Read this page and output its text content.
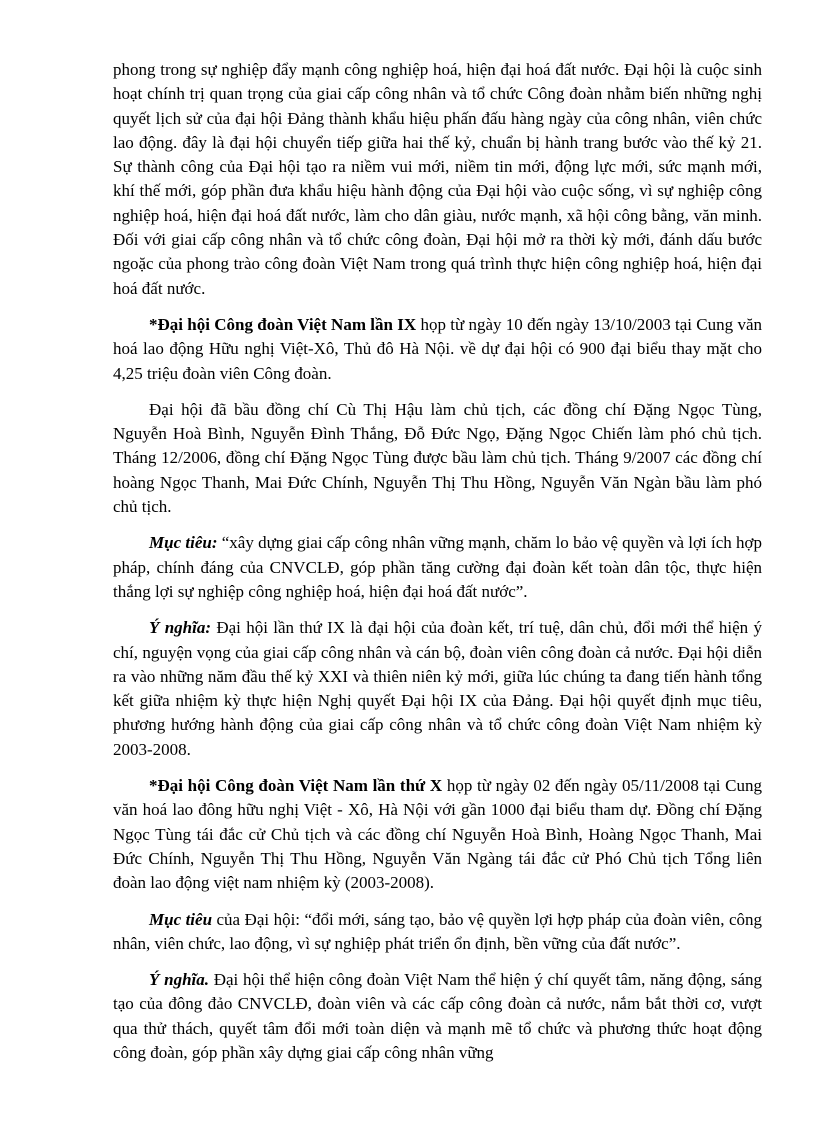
phong trong sự nghiệp đẩy mạnh công nghiệp hoá, hiện đại hoá đất nước. Đại hội là cuộc sinh hoạt chính trị quan trọng của giai cấp công nhân và tổ chức Công đoàn nhằm biến những nghị quyết lịch sử của đại hội Đảng thành khẩu hiệu phấn đấu hàng ngày của công nhân, viên chức lao động. đây là đại hội chuyển tiếp giữa hai thế kỷ, chuẩn bị hành trang bước vào thế kỷ 21. Sự thành công của Đại hội tạo ra niềm vui mới, niềm tin mới, động lực mới, sức mạnh mới, khí thế mới, góp phần đưa khẩu hiệu hành động của Đại hội vào cuộc sống, vì sự nghiệp công nghiệp hoá, hiện đại hoá đất nước, làm cho dân giàu, nước mạnh, xã hội công bằng, văn minh. Đối với giai cấp công nhân và tổ chức công đoàn, Đại hội mở ra thời kỳ mới, đánh dấu bước ngoặc của phong trào công đoàn Việt Nam trong quá trình thực hiện công nghiệp hoá, hiện đại hoá đất nước.

*Đại hội Công đoàn Việt Nam lần IX họp từ ngày 10 đến ngày 13/10/2003 tại Cung văn hoá lao động Hữu nghị Việt-Xô, Thủ đô Hà Nội. về dự đại hội có 900 đại biểu thay mặt cho 4,25 triệu đoàn viên Công đoàn.

Đại hội đã bầu đồng chí Cù Thị Hậu làm chủ tịch, các đồng chí Đặng Ngọc Tùng, Nguyễn Hoà Bình, Nguyễn Đình Thắng, Đỗ Đức Ngọ, Đặng Ngọc Chiến làm phó chủ tịch. Tháng 12/2006, đồng chí Đặng Ngọc Tùng được bầu làm chủ tịch. Tháng 9/2007 các đồng chí hoàng Ngọc Thanh, Mai Đức Chính, Nguyễn Thị Thu Hồng, Nguyễn Văn Ngàn bầu làm phó chủ tịch.

Mục tiêu: “xây dựng giai cấp công nhân vững mạnh, chăm lo bảo vệ quyền và lợi ích hợp pháp, chính đáng của CNVCLĐ, góp phần tăng cường đại đoàn kết toàn dân tộc, thực hiện thắng lợi sự nghiệp công nghiệp hoá, hiện đại hoá đất nước”.

Ý nghĩa: Đại hội lần thứ IX là đại hội của đoàn kết, trí tuệ, dân chủ, đổi mới thể hiện ý chí, nguyện vọng của giai cấp công nhân và cán bộ, đoàn viên công đoàn cả nước. Đại hội diễn ra vào những năm đầu thế kỷ XXI và thiên niên kỷ mới, giữa lúc chúng ta đang tiến hành tổng kết giữa nhiệm kỳ thực hiện Nghị quyết Đại hội IX của Đảng. Đại hội quyết định mục tiêu, phương hướng hành động của giai cấp công nhân và tổ chức công đoàn Việt Nam nhiệm kỳ 2003-2008.

*Đại hội Công đoàn Việt Nam lần thứ X họp từ ngày 02 đến ngày 05/11/2008 tại Cung văn hoá lao đông hữu nghị Việt - Xô, Hà Nội với gần 1000 đại biểu tham dự. Đồng chí Đặng Ngọc Tùng tái đắc cử Chủ tịch và các đồng chí Nguyễn Hoà Bình, Hoàng Ngọc Thanh, Mai Đức Chính, Nguyễn Thị Thu Hồng, Nguyễn Văn Ngàng tái đắc cử Phó Chủ tịch Tổng liên đoàn lao động việt nam nhiệm kỳ (2003-2008).

Mục tiêu của Đại hội: “đổi mới, sáng tạo, bảo vệ quyền lợi hợp pháp của đoàn viên, công nhân, viên chức, lao động, vì sự nghiệp phát triển ổn định, bền vững của đất nước”.

Ý nghĩa. Đại hội thể hiện công đoàn Việt Nam thể hiện ý chí quyết tâm, năng động, sáng tạo của đông đảo CNVCLĐ, đoàn viên và các cấp công đoàn cả nước, nắm bắt thời cơ, vượt qua thử thách, quyết tâm đổi mới toàn diện và mạnh mẽ tổ chức và phương thức hoạt động công đoàn, góp phần xây dựng giai cấp công nhân vững
